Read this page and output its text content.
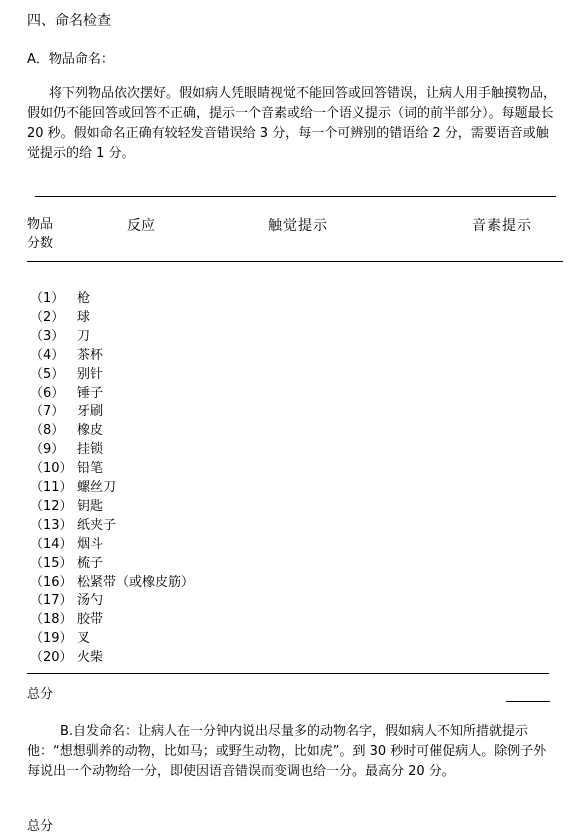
四、命名检查
A．物品命名：
将下列物品依次摆好。假如病人凭眼睛视觉不能回答或回答错误，让病人用手触摸物品，假如仍不能回答或回答不正确，提示一个音素或给一个语义提示（词的前半部分）。每题最长 20 秒。假如命名正确有较轻发音错误给 3 分，每一个可辨别的错语给 2 分，需要语音或触觉提示的给 1 分。
物品
分数
反应	触觉提示	音素提示
（1） 枪
（2） 球
（3） 刀
（4） 茶杯
（5） 别针
（6） 锤子
（7） 牙刷
（8） 橡皮
（9） 挂锁
（10） 铅笔
（11） 螺丝刀
（12） 钥匙
（13） 纸夹子
（14） 烟斗
（15） 梳子
（16） 松紧带（或橡皮筋）
（17） 汤勺
（18） 胶带
（19） 叉
（20） 火柴
总分
B.自发命名：让病人在一分钟内说出尽量多的动物名字，假如病人不知所措就提示他：“想想驯养的动物，比如马；或野生动物，比如虎”。到 30 秒时可催促病人。除例子外每说出一个动物给一分，即使因语音错误而变调也给一分。最高分 20 分。
总分
